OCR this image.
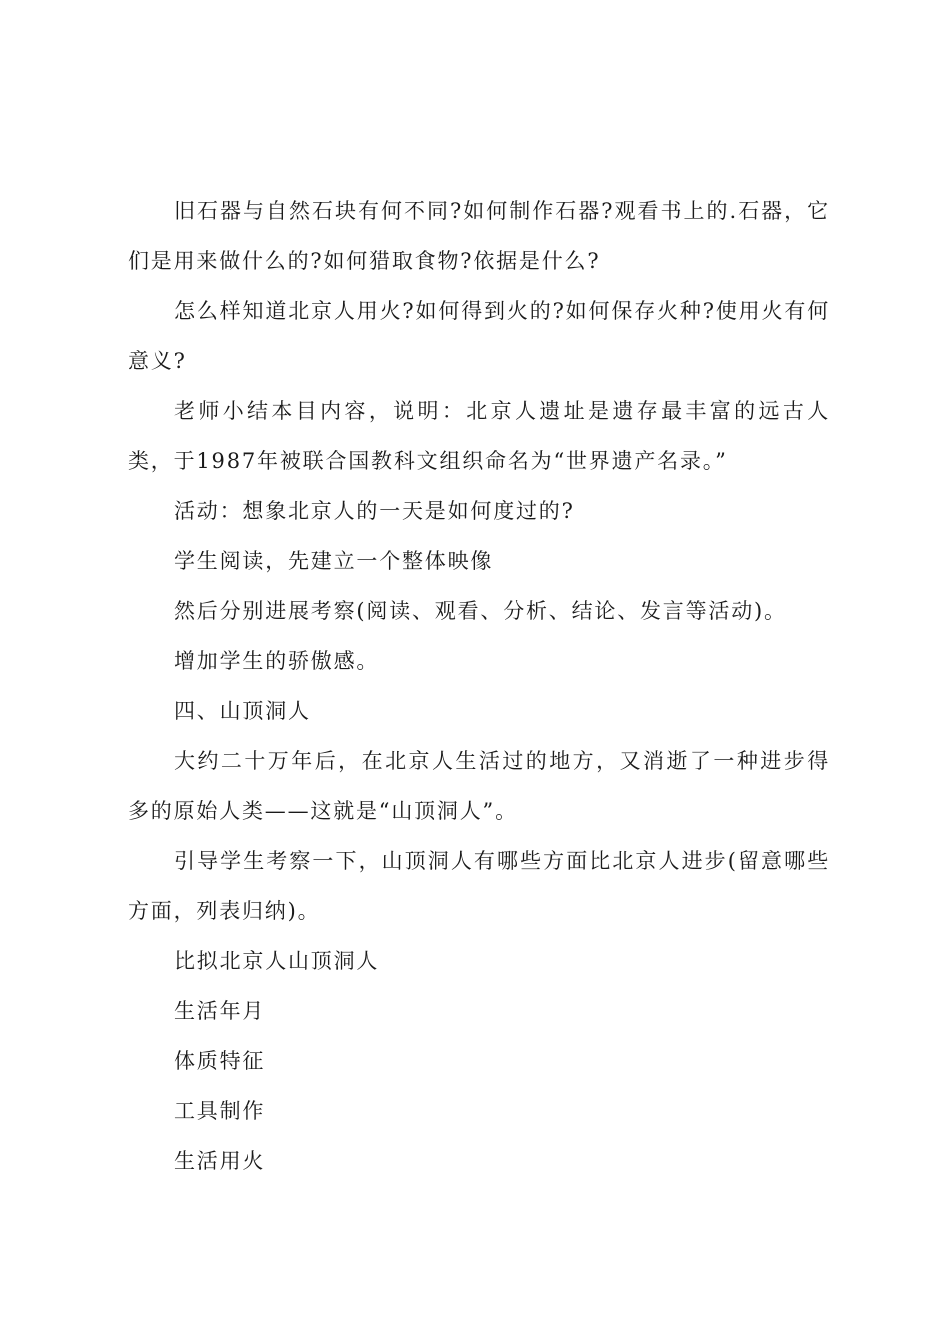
旧石器与自然石块有何不同?如何制作石器?观看书上的.石器，它们是用来做什么的?如何猎取食物?依据是什么?

怎么样知道北京人用火?如何得到火的?如何保存火种?使用火有何意义?

老师小结本目内容，说明：北京人遗址是遗存最丰富的远古人类，于1987年被联合国教科文组织命名为“世界遗产名录。”

活动：想象北京人的一天是如何度过的?

学生阅读，先建立一个整体映像

然后分别进展考察(阅读、观看、分析、结论、发言等活动)。

增加学生的骄傲感。

四、山顶洞人

大约二十万年后，在北京人生活过的地方，又消逝了一种进步得多的原始人类——这就是“山顶洞人”。

引导学生考察一下，山顶洞人有哪些方面比北京人进步(留意哪些方面，列表归纳)。

比拟北京人山顶洞人

生活年月

体质特征

工具制作

生活用火
